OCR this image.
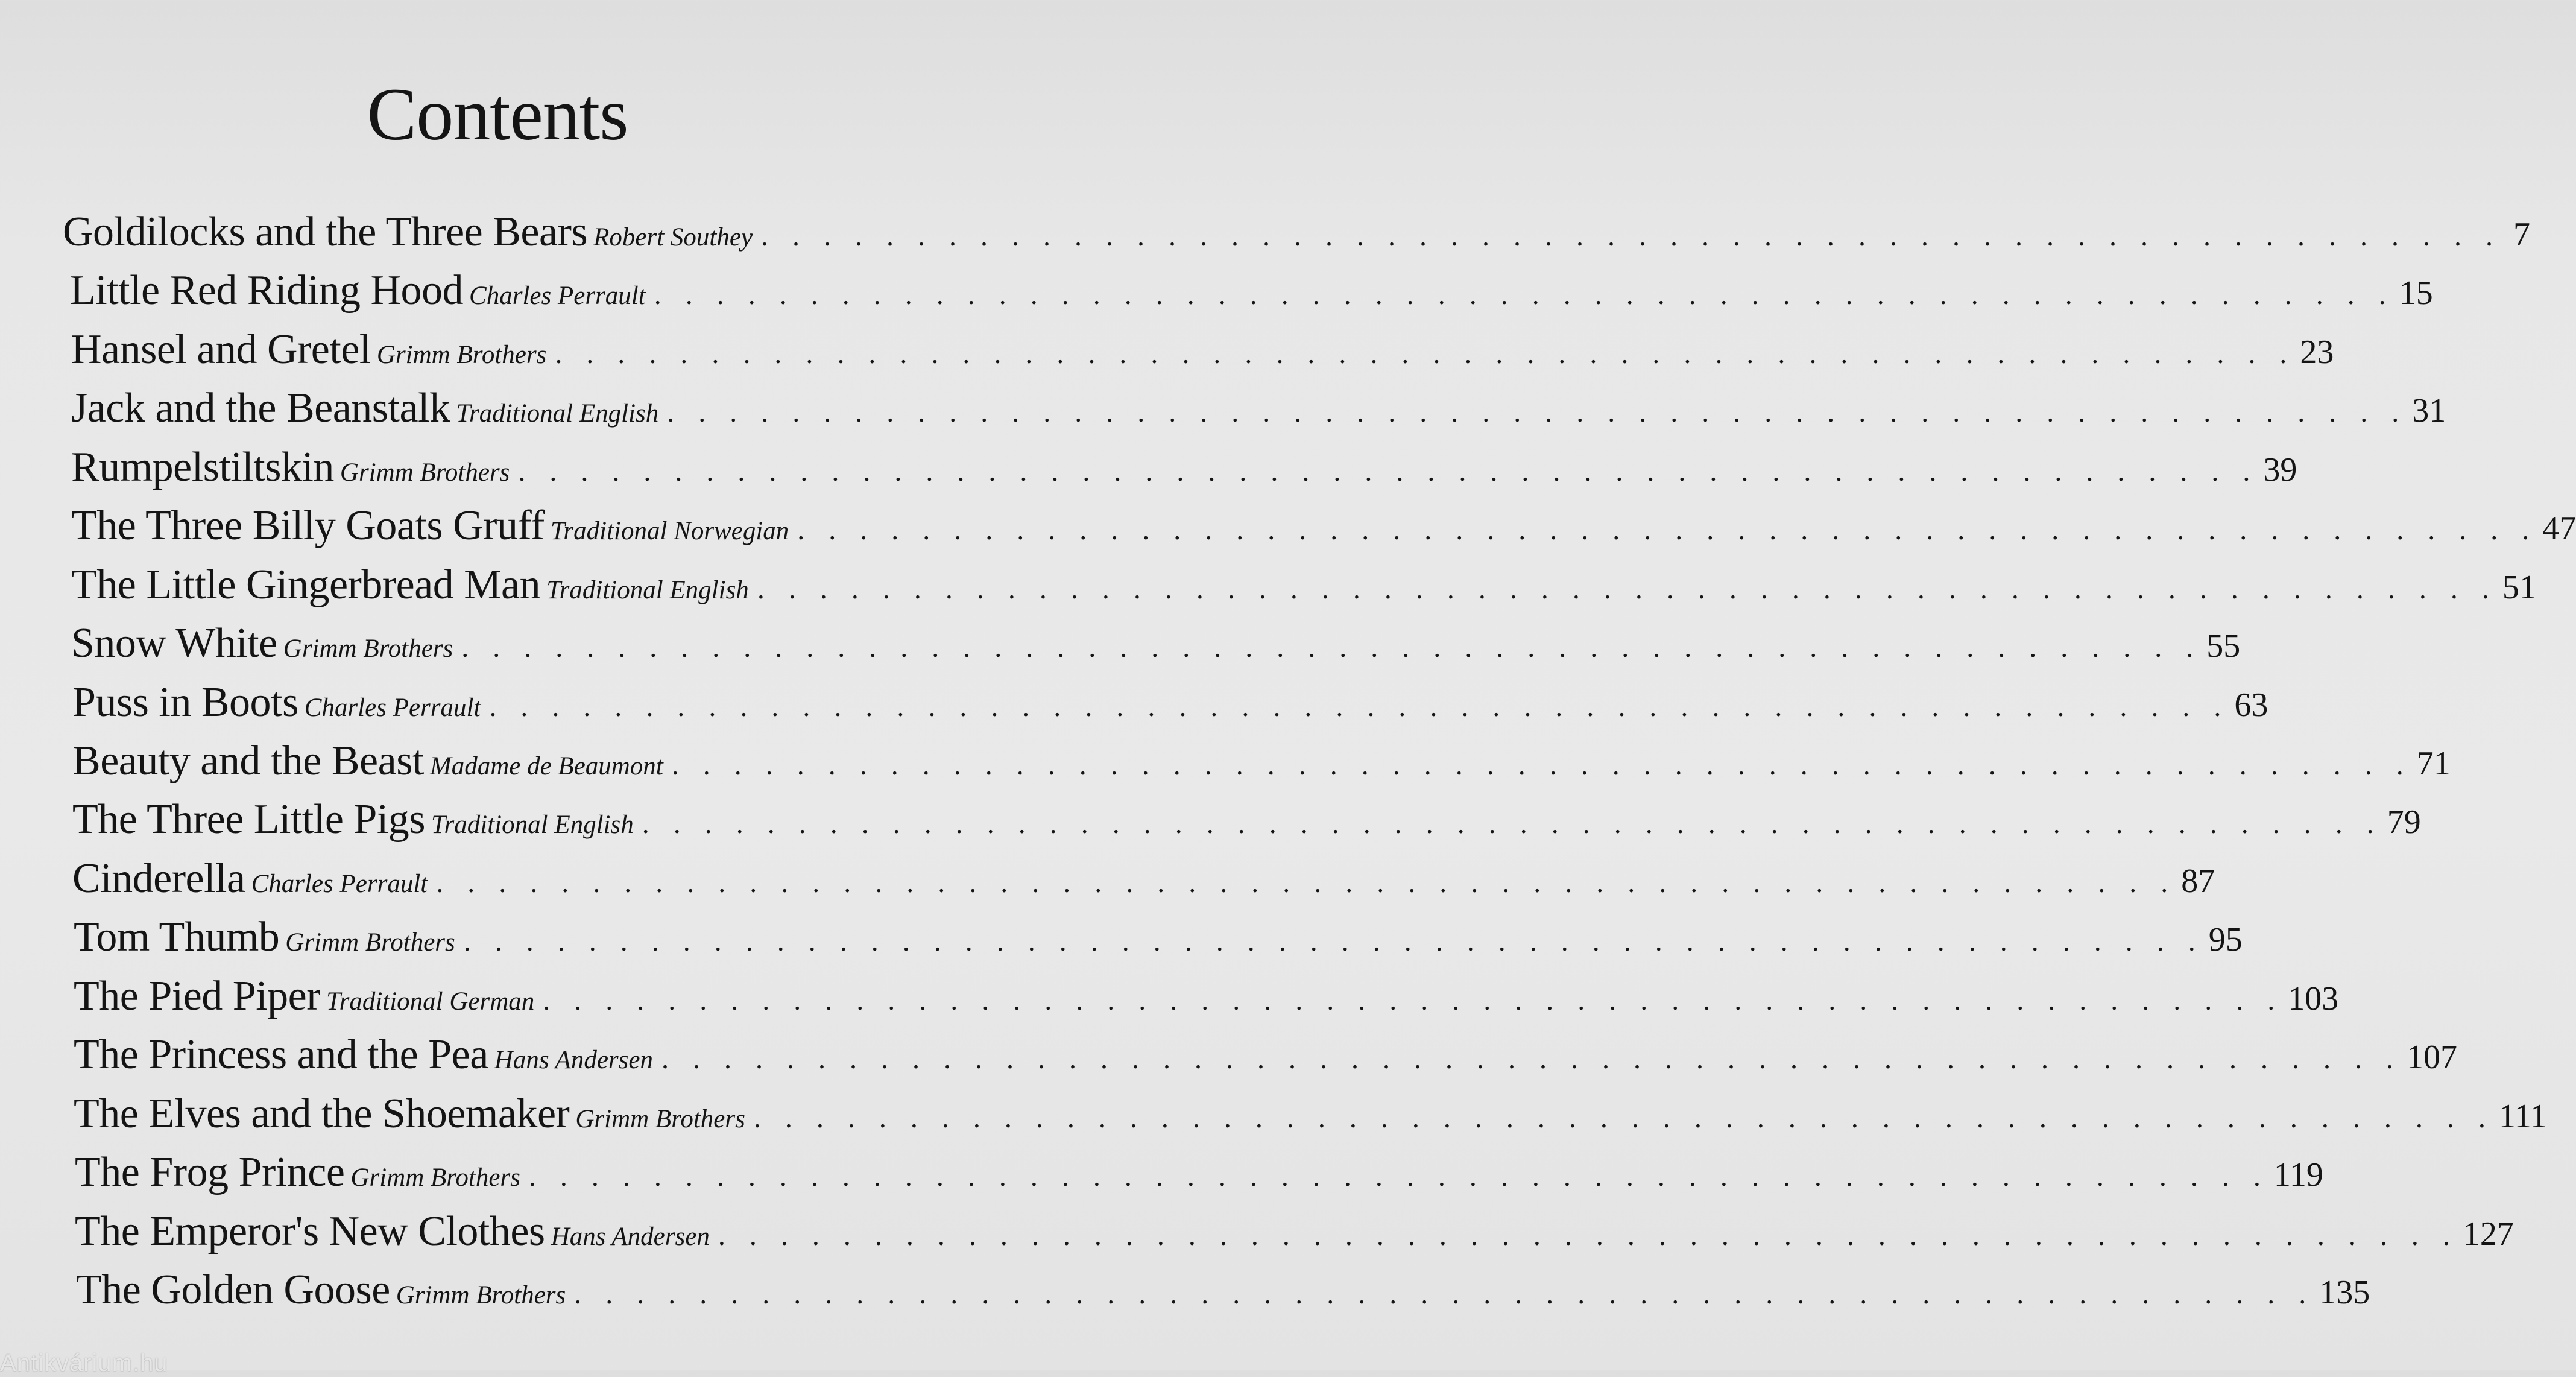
Contents
Goldilocks and the Three Bears Robert Southey . . . . . . . . . . . . . . . . . . . . . . . . . . . . . . . . . . . . . . . . . . . . . . . . . . . . . . . . 7
Little Red Riding Hood Charles Perrault . . . . . . . . . . . . . . . . . . . . . . . . . . . . . . . . . . . . . . . . . . . . . . . . . . . . . . . . 15
Hansel and Gretel Grimm Brothers . . . . . . . . . . . . . . . . . . . . . . . . . . . . . . . . . . . . . . . . . . . . . . . . . . . . . . . . 23
Jack and the Beanstalk Traditional English . . . . . . . . . . . . . . . . . . . . . . . . . . . . . . . . . . . . . . . . . . . . . . . . . . . . . . . . 31
Rumpelstiltskin Grimm Brothers . . . . . . . . . . . . . . . . . . . . . . . . . . . . . . . . . . . . . . . . . . . . . . . . . . . . . . . . 39
The Three Billy Goats Gruff Traditional Norwegian . . . . . . . . . . . . . . . . . . . . . . . . . . . . . . . . . . . . . . . . . . . . . . . . . . . . . . . . 47
The Little Gingerbread Man Traditional English . . . . . . . . . . . . . . . . . . . . . . . . . . . . . . . . . . . . . . . . . . . . . . . . . . . . . . . . 51
Snow White Grimm Brothers . . . . . . . . . . . . . . . . . . . . . . . . . . . . . . . . . . . . . . . . . . . . . . . . . . . . . . . . 55
Puss in Boots Charles Perrault . . . . . . . . . . . . . . . . . . . . . . . . . . . . . . . . . . . . . . . . . . . . . . . . . . . . . . . . 63
Beauty and the Beast Madame de Beaumont . . . . . . . . . . . . . . . . . . . . . . . . . . . . . . . . . . . . . . . . . . . . . . . . . . . . . . . . 71
The Three Little Pigs Traditional English . . . . . . . . . . . . . . . . . . . . . . . . . . . . . . . . . . . . . . . . . . . . . . . . . . . . . . . . 79
Cinderella Charles Perrault . . . . . . . . . . . . . . . . . . . . . . . . . . . . . . . . . . . . . . . . . . . . . . . . . . . . . . . . 87
Tom Thumb Grimm Brothers . . . . . . . . . . . . . . . . . . . . . . . . . . . . . . . . . . . . . . . . . . . . . . . . . . . . . . . . 95
The Pied Piper Traditional German . . . . . . . . . . . . . . . . . . . . . . . . . . . . . . . . . . . . . . . . . . . . . . . . . . . . . . . . 103
The Princess and the Pea Hans Andersen . . . . . . . . . . . . . . . . . . . . . . . . . . . . . . . . . . . . . . . . . . . . . . . . . . . . . . . . 107
The Elves and the Shoemaker Grimm Brothers . . . . . . . . . . . . . . . . . . . . . . . . . . . . . . . . . . . . . . . . . . . . . . . . . . . . . . . . 111
The Frog Prince Grimm Brothers . . . . . . . . . . . . . . . . . . . . . . . . . . . . . . . . . . . . . . . . . . . . . . . . . . . . . . . . 119
The Emperor's New Clothes Hans Andersen . . . . . . . . . . . . . . . . . . . . . . . . . . . . . . . . . . . . . . . . . . . . . . . . . . . . . . . . 127
The Golden Goose Grimm Brothers . . . . . . . . . . . . . . . . . . . . . . . . . . . . . . . . . . . . . . . . . . . . . . . . . . . . . . . . 135
Antikvárium.hu
